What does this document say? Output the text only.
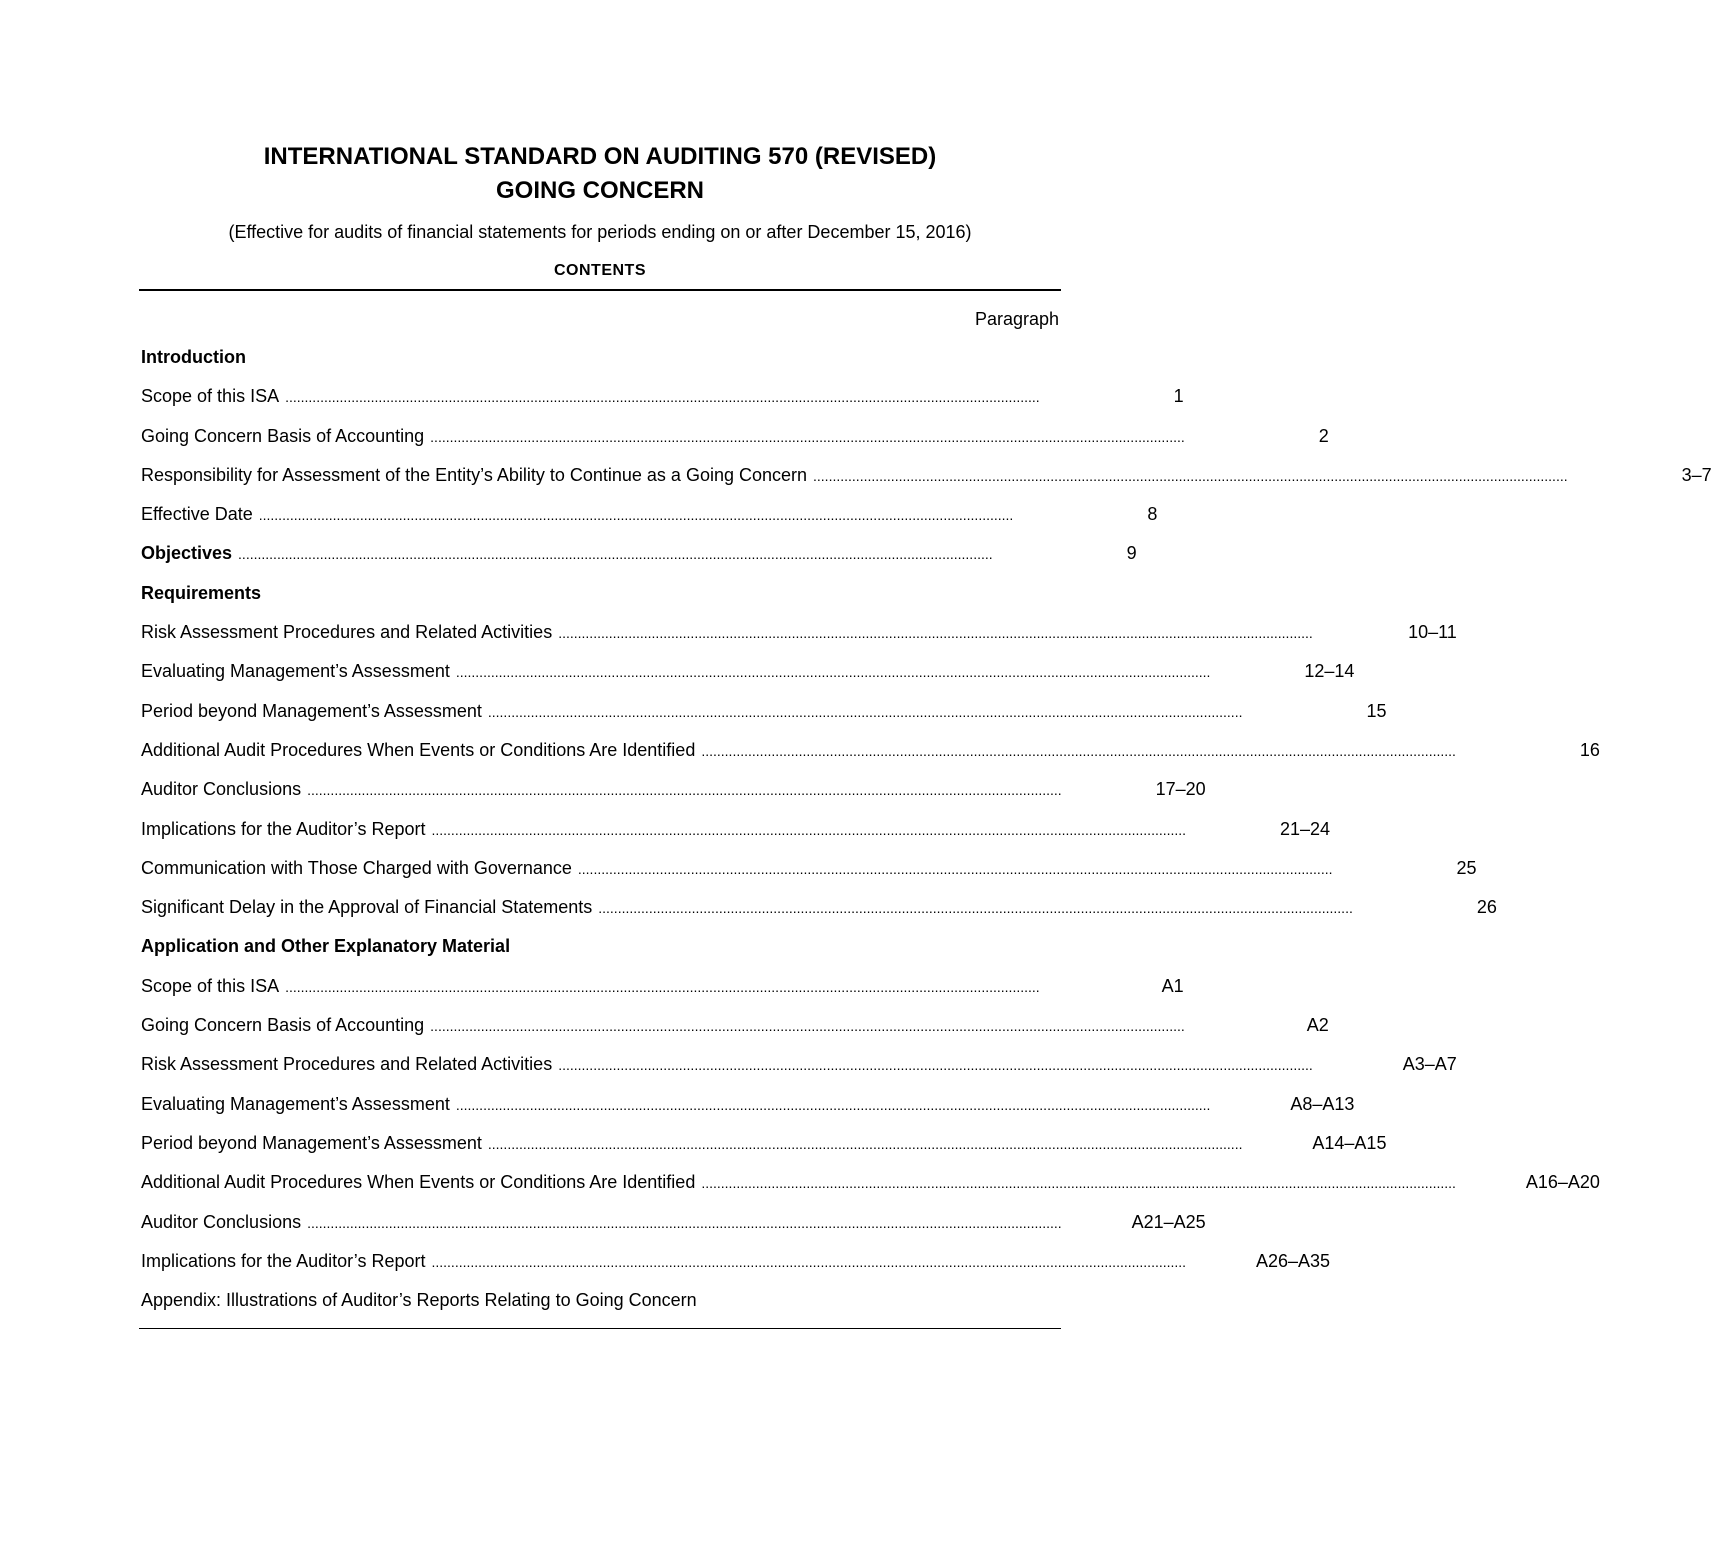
INTERNATIONAL STANDARD ON AUDITING 570 (REVISED)
GOING CONCERN
(Effective for audits of financial statements for periods ending on or after December 15, 2016)
CONTENTS
Paragraph
Introduction
Scope of this ISA ..................................................................................................................................................................................................	1
Going Concern Basis of Accounting ..................................................................................................................................................................................................	2
Responsibility for Assessment of the Entity’s Ability to Continue as a Going Concern ..................................................................................................................................................................................................	3–7
Effective Date ..................................................................................................................................................................................................	8
Objectives ..................................................................................................................................................................................................	9
Requirements
Risk Assessment Procedures and Related Activities ..................................................................................................................................................................................................	10–11
Evaluating Management’s Assessment ..................................................................................................................................................................................................	12–14
Period beyond Management’s Assessment ..................................................................................................................................................................................................	15
Additional Audit Procedures When Events or Conditions Are Identified ..................................................................................................................................................................................................	16
Auditor Conclusions ..................................................................................................................................................................................................	17–20
Implications for the Auditor’s Report ..................................................................................................................................................................................................	21–24
Communication with Those Charged with Governance ..................................................................................................................................................................................................	25
Significant Delay in the Approval of Financial Statements ..................................................................................................................................................................................................	26
Application and Other Explanatory Material
Scope of this ISA ..................................................................................................................................................................................................	A1
Going Concern Basis of Accounting ..................................................................................................................................................................................................	A2
Risk Assessment Procedures and Related Activities ..................................................................................................................................................................................................	A3–A7
Evaluating Management’s Assessment ..................................................................................................................................................................................................	A8–A13
Period beyond Management’s Assessment ..................................................................................................................................................................................................	A14–A15
Additional Audit Procedures When Events or Conditions Are Identified ..................................................................................................................................................................................................	A16–A20
Auditor Conclusions ..................................................................................................................................................................................................	A21–A25
Implications for the Auditor’s Report ..................................................................................................................................................................................................	A26–A35
Appendix: Illustrations of Auditor’s Reports Relating to Going Concern
